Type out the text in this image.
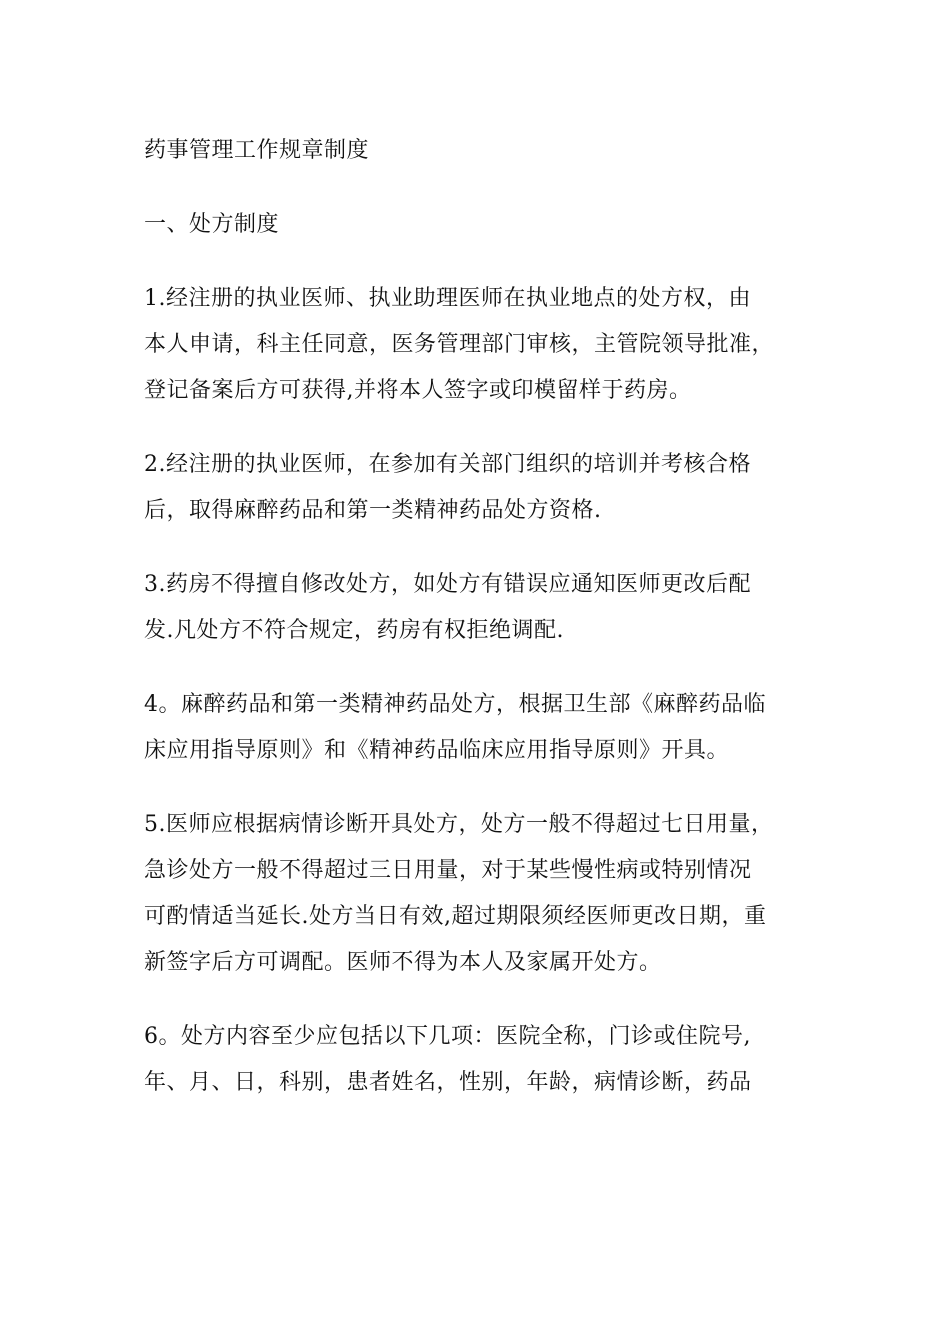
药事管理工作规章制度
一、处方制度
1.经注册的执业医师、执业助理医师在执业地点的处方权，由
本人申请，科主任同意，医务管理部门审核，主管院领导批准，
登记备案后方可获得,并将本人签字或印模留样于药房。
2.经注册的执业医师，在参加有关部门组织的培训并考核合格
后，取得麻醉药品和第一类精神药品处方资格.
3.药房不得擅自修改处方，如处方有错误应通知医师更改后配
发.凡处方不符合规定，药房有权拒绝调配.
4。麻醉药品和第一类精神药品处方，根据卫生部《麻醉药品临
床应用指导原则》和《精神药品临床应用指导原则》开具。
5.医师应根据病情诊断开具处方，处方一般不得超过七日用量，
急诊处方一般不得超过三日用量，对于某些慢性病或特别情况
可酌情适当延长.处方当日有效,超过期限须经医师更改日期，重
新签字后方可调配。医师不得为本人及家属开处方。
6。处方内容至少应包括以下几项：医院全称，门诊或住院号,
年、月、日，科别，患者姓名，性别，年龄，病情诊断，药品
